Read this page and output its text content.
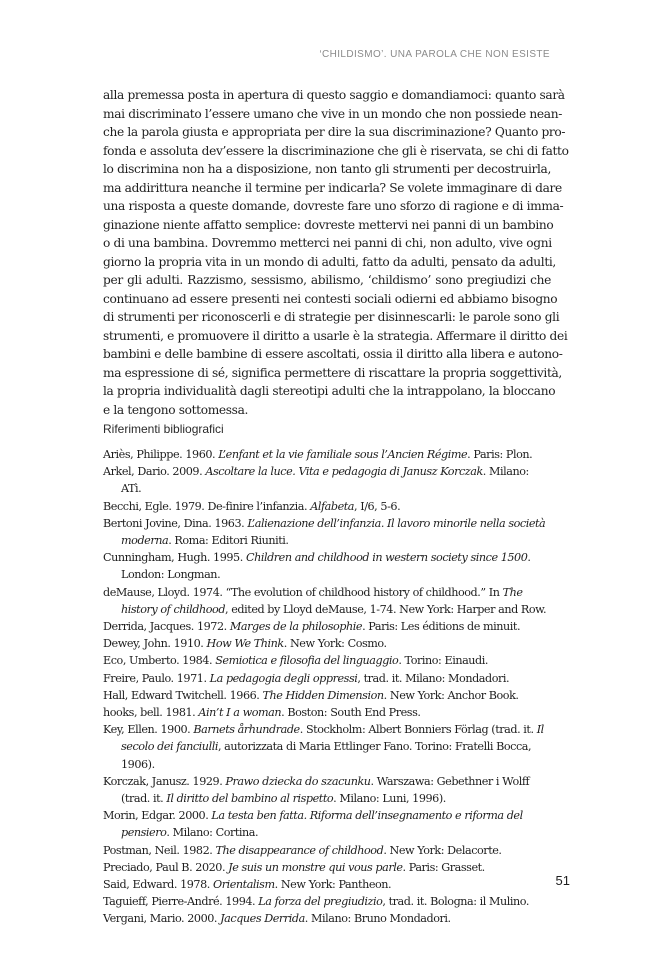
‘CHILDISMO’. UNA PAROLA CHE NON ESISTE
alla premessa posta in apertura di questo saggio e domandiamoci: quanto sarà
mai discriminato l’essere umano che vive in un mondo che non possiede nean-
che la parola giusta e appropriata per dire la sua discriminazione? Quanto pro-
fonda e assoluta dev’essere la discriminazione che gli è riservata, se chi di fatto
lo discrimina non ha a disposizione, non tanto gli strumenti per decostruirla,
ma addirittura neanche il termine per indicarla? Se volete immaginare di dare
una risposta a queste domande, dovreste fare uno sforzo di ragione e di imma-
ginazione niente affatto semplice: dovreste mettervi nei panni di un bambino
o di una bambina. Dovremmo metterci nei panni di chi, non adulto, vive ogni
giorno la propria vita in un mondo di adulti, fatto da adulti, pensato da adulti,
per gli adulti. Razzismo, sessismo, abilismo, ‘childismo’ sono pregiudizi che
continuano ad essere presenti nei contesti sociali odierni ed abbiamo bisogno
di strumenti per riconoscerli e di strategie per disinnescarli: le parole sono gli
strumenti, e promuovere il diritto a usarle è la strategia. Affermare il diritto dei
bambini e delle bambine di essere ascoltati, ossia il diritto alla libera e autono-
ma espressione di sé, significa permettere di riscattare la propria soggettività,
la propria individualità dagli stereotipi adulti che la intrappolano, la bloccano
e la tengono sottomessa.
Riferimenti bibliografici
Ariès, Philippe. 1960. L’enfant et la vie familiale sous l’Ancien Régime. Paris: Plon.
Arkel, Dario. 2009. Ascoltare la luce. Vita e pedagogia di Janusz Korczak. Milano: ATì.
Becchi, Egle. 1979. De-finire l’infanzia. Alfabeta, I/6, 5-6.
Bertoni Jovine, Dina. 1963. L’alienazione dell’infanzia. Il lavoro minorile nella società moderna. Roma: Editori Riuniti.
Cunningham, Hugh. 1995. Children and childhood in western society since 1500. London: Longman.
deMause, Lloyd. 1974. “The evolution of childhood history of childhood.” In The history of childhood, edited by Lloyd deMause, 1-74. New York: Harper and Row.
Derrida, Jacques. 1972. Marges de la philosophie. Paris: Les éditions de minuit.
Dewey, John. 1910. How We Think. New York: Cosmo.
Eco, Umberto. 1984. Semiotica e filosofia del linguaggio. Torino: Einaudi.
Freire, Paulo. 1971. La pedagogia degli oppressi, trad. it. Milano: Mondadori.
Hall, Edward Twitchell. 1966. The Hidden Dimension. New York: Anchor Book.
hooks, bell. 1981. Ain’t I a woman. Boston: South End Press.
Key, Ellen. 1900. Barnets århundrade. Stockholm: Albert Bonniers Förlag (trad. it. Il secolo dei fanciulli, autorizzata di Maria Ettlinger Fano. Torino: Fratelli Bocca, 1906).
Korczak, Janusz. 1929. Prawo dziecka do szacunku. Warszawa: Gebethner i Wolff (trad. it. Il diritto del bambino al rispetto. Milano: Luni, 1996).
Morin, Edgar. 2000. La testa ben fatta. Riforma dell’insegnamento e riforma del pensiero. Milano: Cortina.
Postman, Neil. 1982. The disappearance of childhood. New York: Delacorte.
Preciado, Paul B. 2020. Je suis un monstre qui vous parle. Paris: Grasset.
Said, Edward. 1978. Orientalism. New York: Pantheon.
Taguieff, Pierre-André. 1994. La forza del pregiudizio, trad. it. Bologna: il Mulino.
Vergani, Mario. 2000. Jacques Derrida. Milano: Bruno Mondadori.
51
